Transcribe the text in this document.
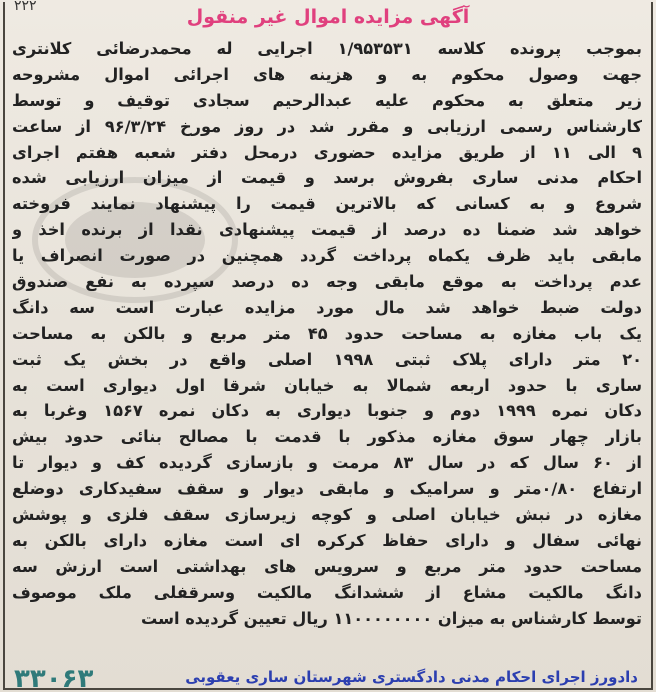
۲۲۲	آگهی مزایده اموال غیر منقول
بموجب پرونده کلاسه ۱/۹۵۳۵۳۱ اجرایی له محمدرضائی کلانتری
جهت وصول محکوم به و هزینه های اجرائی اموال مشروحه
زیر متعلق به محکوم علیه عبدالرحیم سجادی توقیف و توسط
کارشناس رسمی ارزیابی و مقرر شد در روز مورخ ۹۶/۳/۲۴ از ساعت
۹ الی ۱۱ از طریق مزایده حضوری درمحل دفتر شعبه هفتم اجرای
احکام مدنی ساری بفروش برسد و قیمت از میزان ارزیابی شده
شروع و به کسانی که بالاترین قیمت را پیشنهاد نمایند فروخته
خواهد شد ضمنا ده درصد از قیمت پیشنهادی نقدا از برنده اخذ و
مابقی باید ظرف یکماه پرداخت گردد همچنین در صورت انصراف یا
عدم پرداخت به موقع مابقی وجه ده درصد سپرده به نفع صندوق
دولت ضبط خواهد شد مال مورد مزایده عبارت است سه دانگ
یک باب مغازه به مساحت حدود ۴۵ متر مربع و بالکن به مساحت
۲۰ متر دارای پلاک ثبتی ۱۹۹۸ اصلی واقع در بخش یک ثبت
ساری با حدود اربعه شمالا به خیابان شرقا اول دیواری است به
دکان نمره ۱۹۹۹ دوم و جنوبا دیواری به دکان نمره ۱۵۶۷ وغربا به
بازار چهار سوق مغازه مذکور با قدمت با مصالح بنائی حدود بیش
از ۶۰ سال که در سال ۸۳ مرمت و بازسازی گردیده کف و دیوار تا
ارتفاع ۰/۸۰متر و سرامیک و مابقی دیوار و سقف سفیدکاری دوضلع
مغازه در نبش خیابان اصلی و کوچه زیرسازی سقف فلزی و پوشش
نهائی سفال و دارای حفاظ کرکره ای است مغازه دارای بالکن به
مساحت حدود متر مربع و سرویس های بهداشتی است ارزش سه
دانگ مالکیت مشاع از ششدانگ مالکیت وسرقفلی ملک موصوف
توسط کارشناس به میزان ۱۱۰۰۰۰۰۰۰۰ ریال تعیین گردیده است
دادورز اجرای احکام مدنی دادگستری شهرستان ساری یعقوبی
۳۳۰۶۳
